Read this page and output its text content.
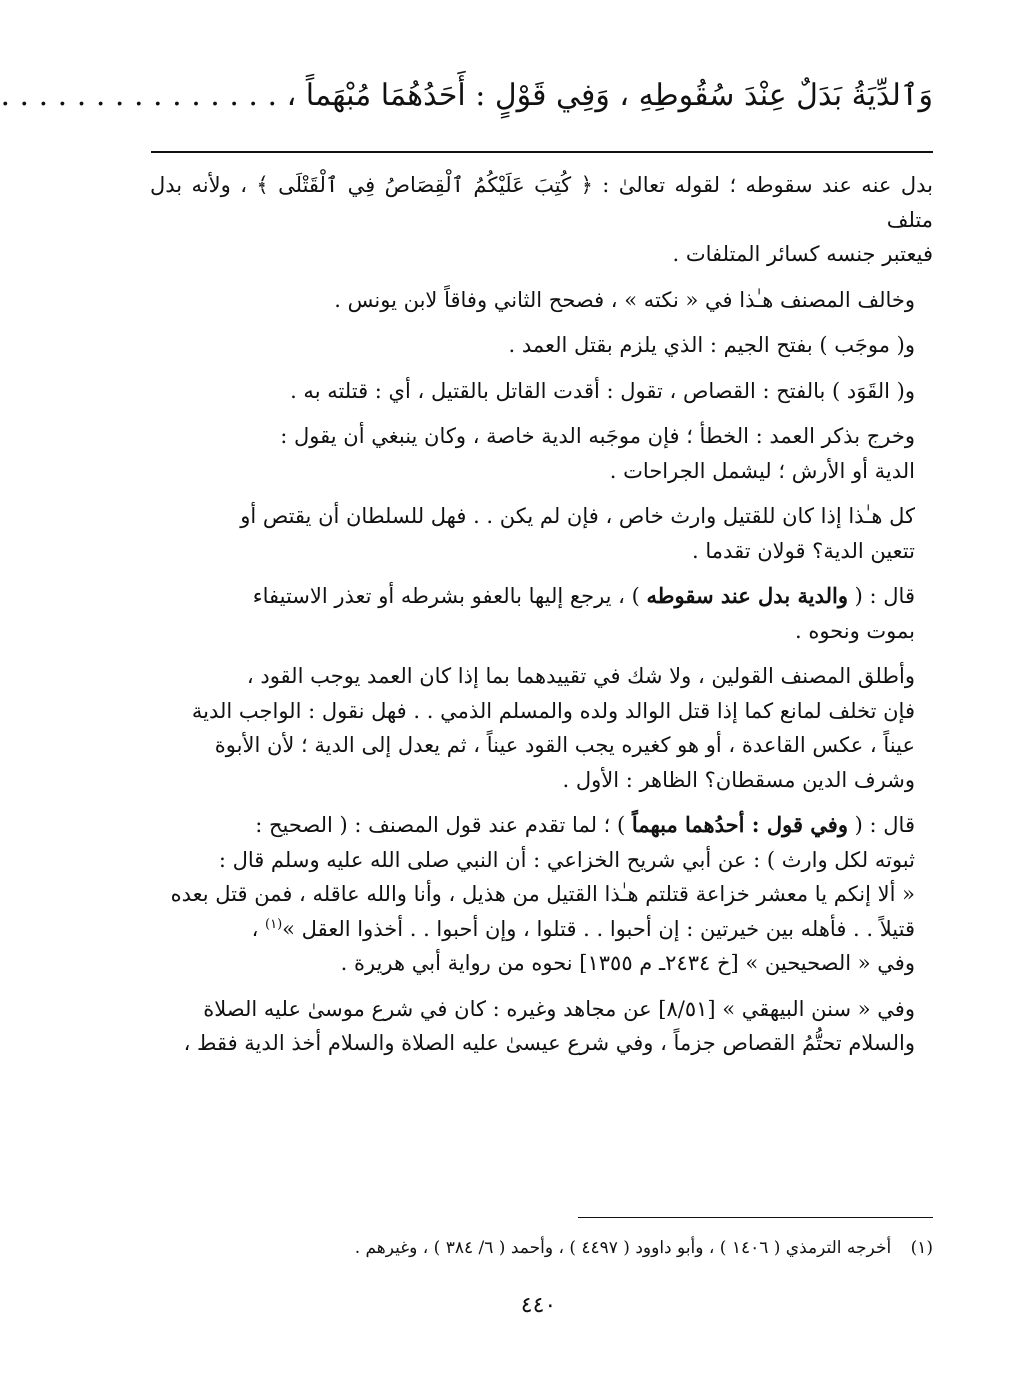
وَٱلدِّيَةُ بَدَلٌ عِنْدَ سُقُوطِهِ ، وَفِي قَوْلٍ : أَحَدُهُمَا مُبْهَماً ، . . . . . . . . . . . . . . .

بدل عنه عند سقوطه ؛ لقوله تعالىٰ : ﴿ كُتِبَ عَلَيْكُمُ ٱلْقِصَاصُ فِي ٱلْقَتْلَى ﴾ ، ولأنه بدل متلف
فيعتبر جنسه كسائر المتلفات .

وخالف المصنف هـٰذا في « نكته » ، فصحح الثاني وفاقاً لابن يونس .

و( موجَب ) بفتح الجيم : الذي يلزم بقتل العمد .

و( القَوَد ) بالفتح : القصاص ، تقول : أقدت القاتل بالقتيل ، أي : قتلته به .

وخرج بذكر العمد : الخطأ ؛ فإن موجَبه الدية خاصة ، وكان ينبغي أن يقول :
الدية أو الأرش ؛ ليشمل الجراحات .

كل هـٰذا إذا كان للقتيل وارث خاص ، فإن لم يكن . . فهل للسلطان أن يقتص أو
تتعين الدية؟ قولان تقدما .

قال : ( والدية بدل عند سقوطه ) ، يرجع إليها بالعفو بشرطه أو تعذر الاستيفاء
بموت ونحوه .

وأطلق المصنف القولين ، ولا شك في تقييدهما بما إذا كان العمد يوجب القود ،
فإن تخلف لمانع كما إذا قتل الوالد ولده والمسلم الذمي . . فهل نقول : الواجب الدية
عيناً ، عكس القاعدة ، أو هو كغيره يجب القود عيناً ، ثم يعدل إلى الدية ؛ لأن الأبوة
وشرف الدين مسقطان؟ الظاهر : الأول .

قال : ( وفي قول : أحدُهما مبهماً ) ؛ لما تقدم عند قول المصنف : ( الصحيح :
ثبوته لكل وارث ) : عن أبي شريح الخزاعي : أن النبي صلى الله عليه وسلم قال :
« ألا إنكم يا معشر خزاعة قتلتم هـٰذا القتيل من هذيل ، وأنا والله عاقله ، فمن قتل بعده
قتيلاً . . فأهله بين خيرتين : إن أحبوا . . قتلوا ، وإن أحبوا . . أخذوا العقل »$^{(١)}$ ،
وفي « الصحيحين » [خ ٢٤٣٤ـ م ١٣٥٥] نحوه من رواية أبي هريرة .

وفي « سنن البيهقي » [٨/٥١] عن مجاهد وغيره : كان في شرع موسىٰ عليه الصلاة
والسلام تحتُّمُ القصاص جزماً ، وفي شرع عيسىٰ عليه الصلاة والسلام أخذ الدية فقط ،

(١) أخرجه الترمذي ( ١٤٠٦ ) ، وأبو داوود ( ٤٤٩٧ ) ، وأحمد ( ٦/ ٣٨٤ ) ، وغيرهم .
٤٤٠
